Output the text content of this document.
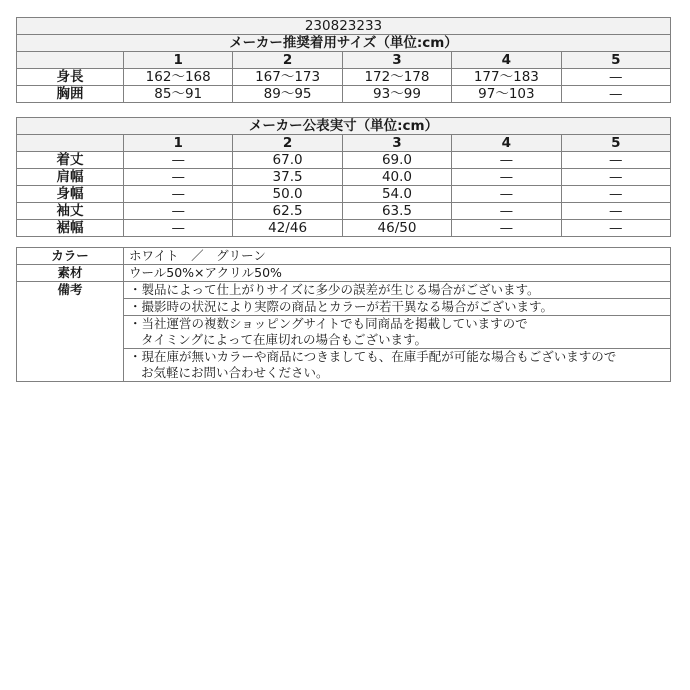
230823233					
メーカー推奨着用サイズ（単位:cm）					
	1	2	3	4	5
身長	162～168	167～173	172～178	177～183	—
胸囲	85～91	89～95	93～99	97～103	—
メーカー公表実寸（単位:cm）					
	1	2	3	4	5
着丈	—	67.0	69.0	—	—
肩幅	—	37.5	40.0	—	—
身幅	—	50.0	54.0	—	—
袖丈	—	62.5	63.5	—	—
裾幅	—	42/46	46/50	—	—
カラー	ホワイト　／　グリーン
素材	ウール50%×アクリル50%
備考	・製品によって仕上がりサイズに多少の誤差が生じる場合がございます。

	・撮影時の状況により実際の商品とカラーが若干異なる場合がございます。

	・当社運営の複数ショッピングサイトでも同商品を掲載していますので
タイミングによって在庫切れの場合もございます。

	・現在庫が無いカラーや商品につきましても、在庫手配が可能な場合もございますので
お気軽にお問い合わせください。
